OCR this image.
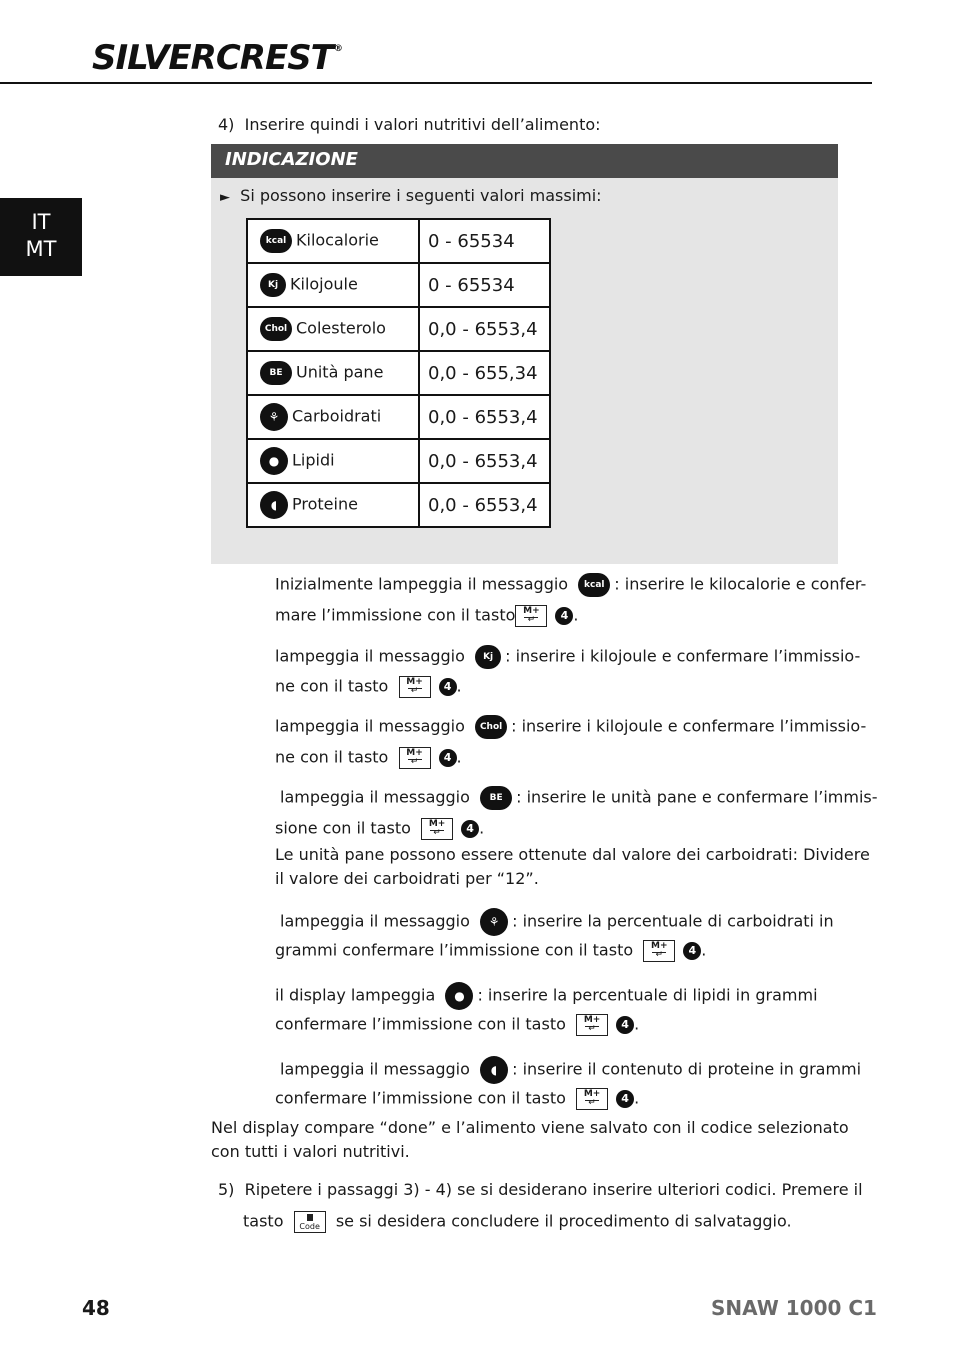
SILVERCREST®
IT
MT
4) Inserire quindi i valori nutritivi dell’alimento:
INDICAZIONE
► Si possono inserire i seguenti valori massimi:
kcal Kilocalorie	0 - 65534
Kj Kilojoule	0 - 65534
Chol Colesterolo	0,0 - 6553,4
BE Unità pane	0,0 - 655,34
⚘ Carboidrati	0,0 - 6553,4
● Lipidi	0,0 - 6553,4
◖ Proteine	0,0 - 6553,4
Inizialmente lampeggia il messaggio kcal : inserire le kilocalorie e confer-
mare l’immissione con il tasto M+
↵	4 .
lampeggia il messaggio Kj : inserire i kilojoule e confermare l’immissio-
ne con il tasto	M+
↵	4 .
lampeggia il messaggio Chol : inserire i kilojoule e confermare l’immissio-
ne con il tasto	M+
↵	4 .
lampeggia il messaggio BE : inserire le unità pane e confermare l’immis-
sione con il tasto	M+
↵	4 .
Le unità pane possono essere ottenute dal valore dei carboidrati: Dividere
il valore dei carboidrati per “12”.
lampeggia il messaggio ⚘ : inserire la percentuale di carboidrati in
grammi confermare l’immissione con il tasto	M+
↵	4 .
il display lampeggia ● : inserire la percentuale di lipidi in grammi
confermare l’immissione con il tasto	M+
↵	4 .
lampeggia il messaggio ◖ : inserire il contenuto di proteine in grammi
confermare l’immissione con il tasto	M+
↵	4 .
Nel display compare “done” e l’alimento viene salvato con il codice selezionato
con tutti i valori nutritivi.
5) Ripetere i passaggi 3) - 4) se si desiderano inserire ulteriori codici. Premere il
tasto	Code se si desidera concludere il procedimento di salvataggio.
48	SNAW 1000 C1
